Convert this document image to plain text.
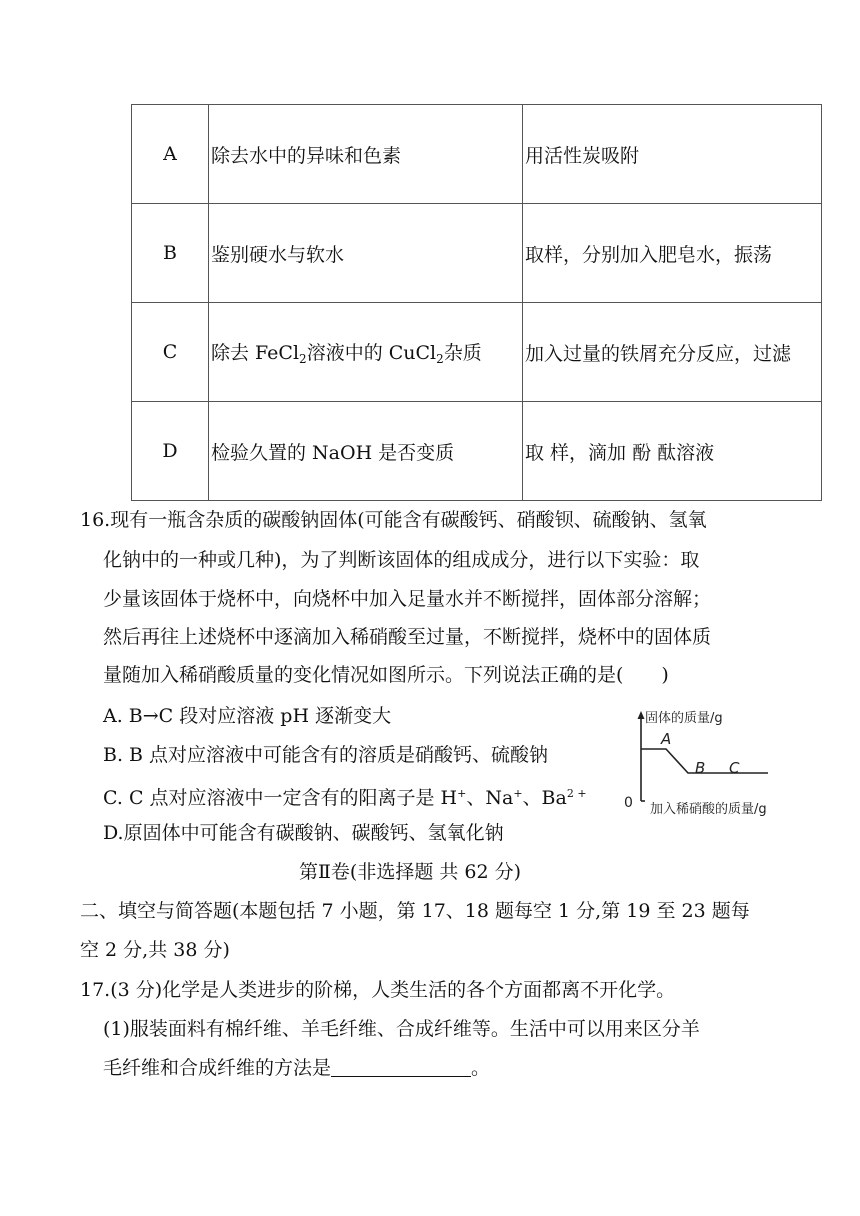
A	除去水中的异味和色素	用活性炭吸附
B	鉴别硬水与软水	取样，分别加入肥皂水，振荡
C	除去 FeCl$_2$溶液中的 CuCl$_2$杂质	加入过量的铁屑充分反应，过滤
D	检验久置的 NaOH 是否变质	取 样，滴加 酚 酞溶液
16.现有一瓶含杂质的碳酸钠固体(可能含有碳酸钙、硝酸钡、硫酸钠、氢氧
化钠中的一种或几种)，为了判断该固体的组成成分，进行以下实验：取
少量该固体于烧杯中，向烧杯中加入足量水并不断搅拌，固体部分溶解；
然后再往上述烧杯中逐滴加入稀硝酸至过量，不断搅拌，烧杯中的固体质
量随加入稀硝酸质量的变化情况如图所示。下列说法正确的是(　　)
A. B→C 段对应溶液 pH 逐渐变大
B. B 点对应溶液中可能含有的溶质是硝酸钙、硫酸钠
C. C 点对应溶液中一定含有的阳离子是 H+、Na+、$Ba^{2 +}$
D.原固体中可能含有碳酸钠、碳酸钙、氢氧化钠
固体的质量/g
0 加入稀硝酸的质量/g
A
B C
第Ⅱ卷(非选择题 共 62 分)
二、填空与简答题(本题包括 7 小题，第 17、18 题每空 1 分,第 19 至 23 题每
空 2 分,共 38 分)
17.(3 分)化学是人类进步的阶梯，人类生活的各个方面都离不开化学。
(1)服装面料有棉纤维、羊毛纤维、合成纤维等。生活中可以用来区分羊
毛纤维和合成纤维的方法是	。
